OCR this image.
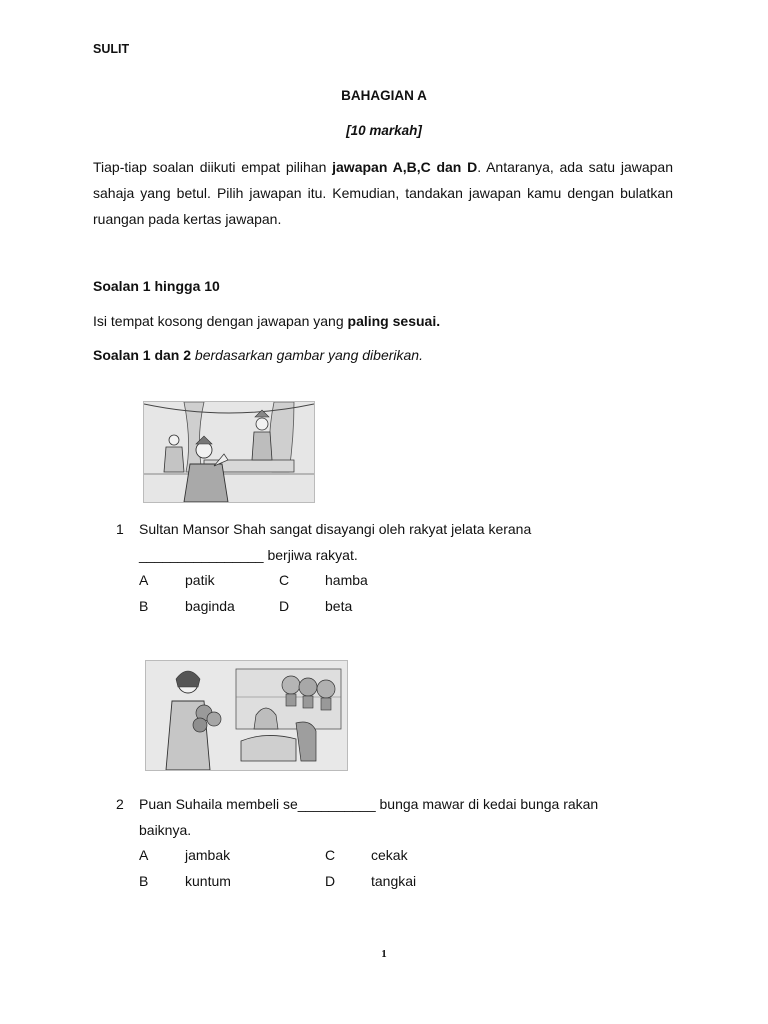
SULIT
BAHAGIAN A
[10 markah]
Tiap-tiap soalan diikuti empat pilihan jawapan A,B,C dan D. Antaranya, ada satu jawapan sahaja yang betul. Pilih jawapan itu. Kemudian, tandakan jawapan kamu dengan bulatkan ruangan pada kertas jawapan.
Soalan 1 hingga 10
Isi tempat kosong dengan jawapan yang paling sesuai.
Soalan 1 dan 2 berdasarkan gambar yang diberikan.
1 Sultan Mansor Shah sangat disayangi oleh rakyat jelata kerana
________________ berjiwa rakyat.
A	patik	C	hamba
B	baginda	D	beta
2 Puan Suhaila membeli se__________ bunga mawar di kedai bunga rakan
baiknya.
A	jambak	C	cekak
B	kuntum	D	tangkai
1
